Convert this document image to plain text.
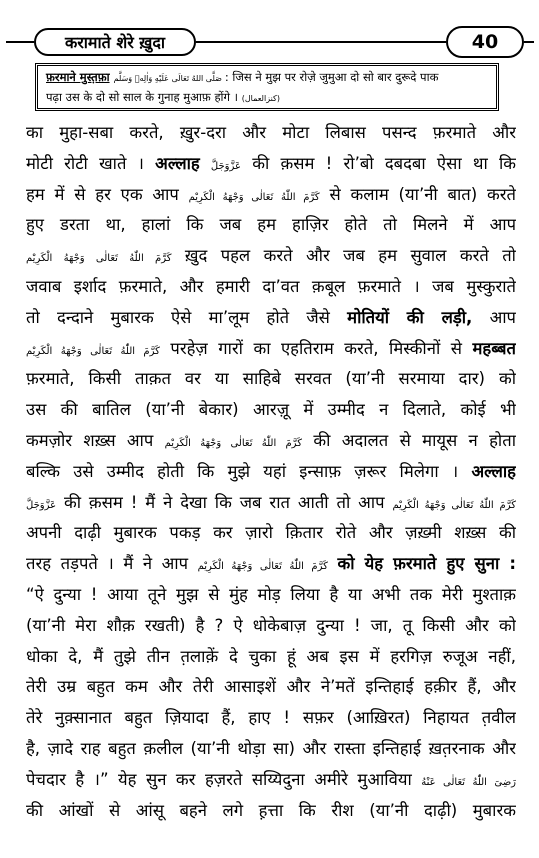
करामाते शेरे ख़ुदा	40
फ़रमाने मुस्त़फ़ा صَلَّى اللهُ تَعَالَى عَلَيْهِ وَاٰلِهٖ وَسَلَّم : जिस ने मुझ पर रोज़े जुमुआ दो सो बार दुरूदे पाक
पढ़ा उस के दो सो साल के गुनाह मुआफ़ होंगे । (کنزالعمال)
का मुहा-सबा करते, ख़ुर-दरा और मोटा लिबास पसन्द फ़रमाते और
मोटी रोटी खाते । अल्लाह عَزَّوَجَلَّ की क़सम ! रो’बो दबदबा ऐसा था कि
हम में से हर एक आप كَرَّمَ اللّٰهُ تَعَالٰى وَجْهَهُ الْكَرِيْم से कलाम (या’नी बात) करते
हुए डरता था, हालां कि जब हम हाज़िर होते तो मिलने में आप
كَرَّمَ اللّٰهُ تَعَالٰى وَجْهَهُ الْكَرِيْم ख़ुद पहल करते और जब हम सुवाल करते तो
जवाब इर्शाद फ़रमाते, और हमारी दा’वत क़बूल फ़रमाते । जब मुस्कुराते
तो दन्दाने मुबारक ऐसे मा’लूम होते जैसे मोतियों की लड़ी, आप
كَرَّمَ اللّٰهُ تَعَالٰى وَجْهَهُ الْكَرِيْم परहेज़ गारों का एहतिराम करते, मिस्कीनों से महब्बत
फ़रमाते, किसी ताक़त वर या साहिबे सरवत (या’नी सरमाया दार) को
उस की बातिल (या’नी बेकार) आरज़ू में उम्मीद न दिलाते, कोई भी
कमज़ोर शख़्स आप كَرَّمَ اللّٰهُ تَعَالٰى وَجْهَهُ الْكَرِيْم की अदालत से मायूस न होता
बल्कि उसे उम्मीद होती कि मुझे यहां इन्साफ़ ज़रूर मिलेगा । अल्लाह
عَزَّوَجَلَّ की क़सम ! मैं ने देखा कि जब रात आती तो आप كَرَّمَ اللّٰهُ تَعَالٰى وَجْهَهُ الْكَرِيْم
अपनी दाढ़ी मुबारक पकड़ कर ज़ारो क़ितार रोते और ज़ख़्मी शख़्स की
तरह तड़पते । मैं ने आप كَرَّمَ اللّٰهُ تَعَالٰى وَجْهَهُ الْكَرِيْم को येह फ़रमाते हुए सुना :
“ऐ दुन्या ! आया तूने मुझ से मुंह मोड़ लिया है या अभी तक मेरी मुश्ताक़
(या’नी मेरा शौक़ रखती) है ? ऐ धोकेबाज़ दुन्या ! जा, तू किसी और को
धोका दे, मैं तुझे तीन त़लाक़ें दे चुका हूं अब इस में हरगिज़ रुजूअ नहीं,
तेरी उम्र बहुत कम और तेरी आसाइशें और ने’मतें इन्तिहाई हक़ीर हैं, और
तेरे नुक़्सानात बहुत ज़ियादा हैं, हाए ! सफ़र (आख़िरत) निहायत त़वील
है, ज़ादे राह बहुत क़लील (या’नी थोड़ा सा) और रास्ता इन्तिहाई ख़त़रनाक और
पेचदार है ।” येह सुन कर हज़रते सय्यिदुना अमीरे मुआविया رَضِىَ اللّٰهُ تَعَالٰى عَنْهُ
की आंखों से आंसू बहने लगे ह़त्ता कि रीश (या’नी दाढ़ी) मुबारक
